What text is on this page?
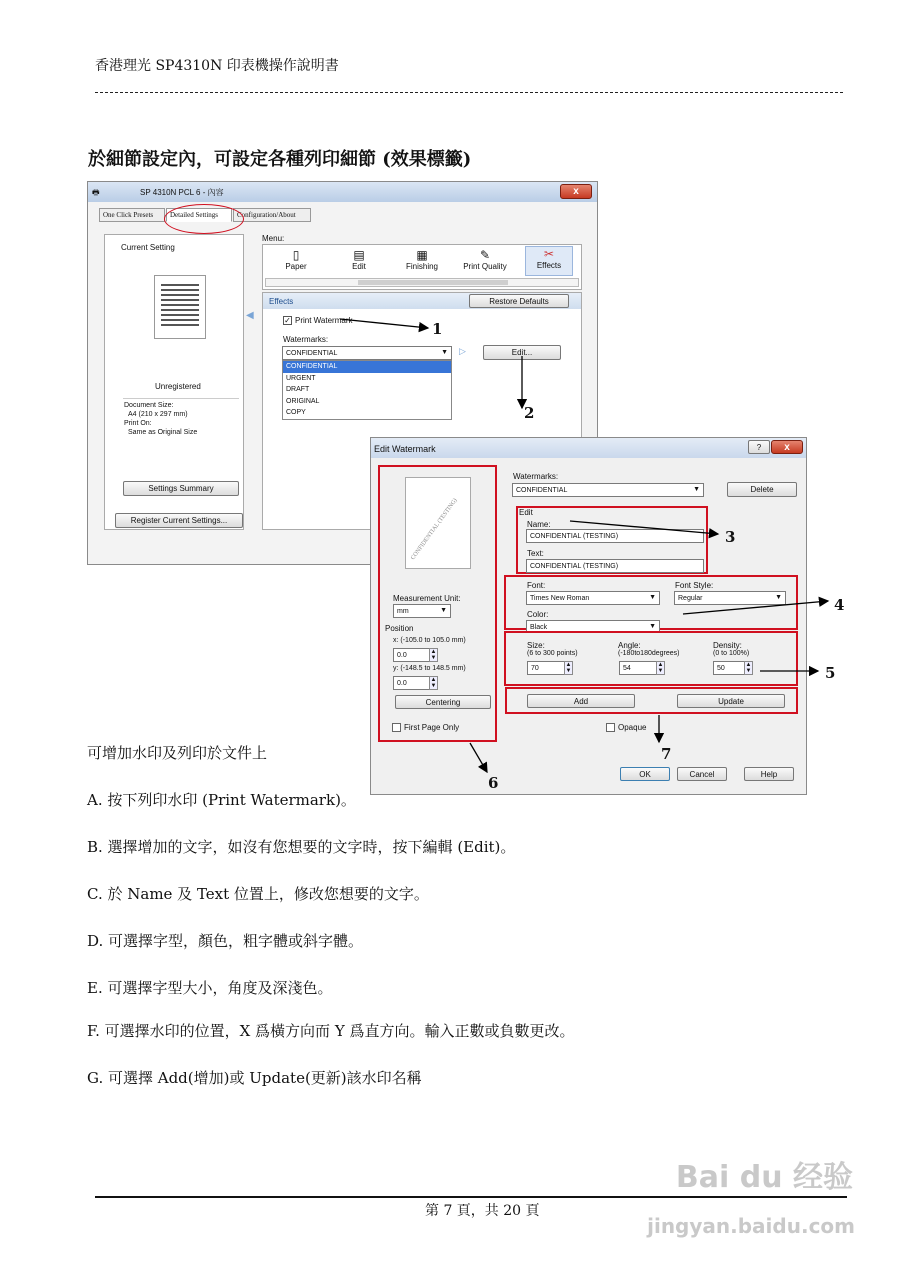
香港理光 SP4310N 印表機操作說明書
於細節設定內，可設定各種列印細節 (效果標籤)
🖶	SP 4310N PCL 6 - 內容	x
One Click Presets	Detailed Settings	Configuration/About
Current Setting
Unregistered
Document Size:
A4 (210 x 297 mm)
Print On:
Same as Original Size
Settings Summary
Register Current Settings...
Menu:
▯
Paper
▤
Edit
▦
Finishing
✎
Print Quality
✂
Effects
◀
Effects	Restore Defaults
✓ Print Watermark
Watermarks:
CONFIDENTIAL	▼ ▷	Edit...
CONFIDENTIAL
URGENT
DRAFT
ORIGINAL
COPY
Edit Watermark	?	x
CONFIDENTIAL (TESTING)
Measurement Unit:
mm	▼
Position
x: (-105.0 to 105.0 mm)
0.0	▲
▼
y: (-148.5 to 148.5 mm)
0.0	▲
▼
Centering
First Page Only
Watermarks:
CONFIDENTIAL	▼	Delete
Edit
Name:
CONFIDENTIAL (TESTING)
Text:
CONFIDENTIAL (TESTING)
Font:
Times New Roman	▼
Font Style:
Regular	▼
Color:
Black	▼
Size:
(6 to 300 points)
70	▲
▼
Angle:
(-180to180degrees)
54	▲
▼
Density:
(0 to 100%)
50	▲
▼
Add	Update
Opaque
OK	Cancel	Help
1
2
3
4
5
6
7
可增加水印及列印於文件上
A. 按下列印水印 (Print Watermark)。
B. 選擇增加的文字，如沒有您想要的文字時，按下編輯 (Edit)。
C. 於 Name 及 Text 位置上，修改您想要的文字。
D. 可選擇字型，顏色，粗字體或斜字體。
E. 可選擇字型大小，角度及深淺色。
F. 可選擇水印的位置，X 爲橫方向而 Y 爲直方向。輸入正數或負數更改。
G. 可選擇 Add(增加)或 Update(更新)該水印名稱
第 7 頁，共 20 頁
Bai du 经验
jingyan.baidu.com
